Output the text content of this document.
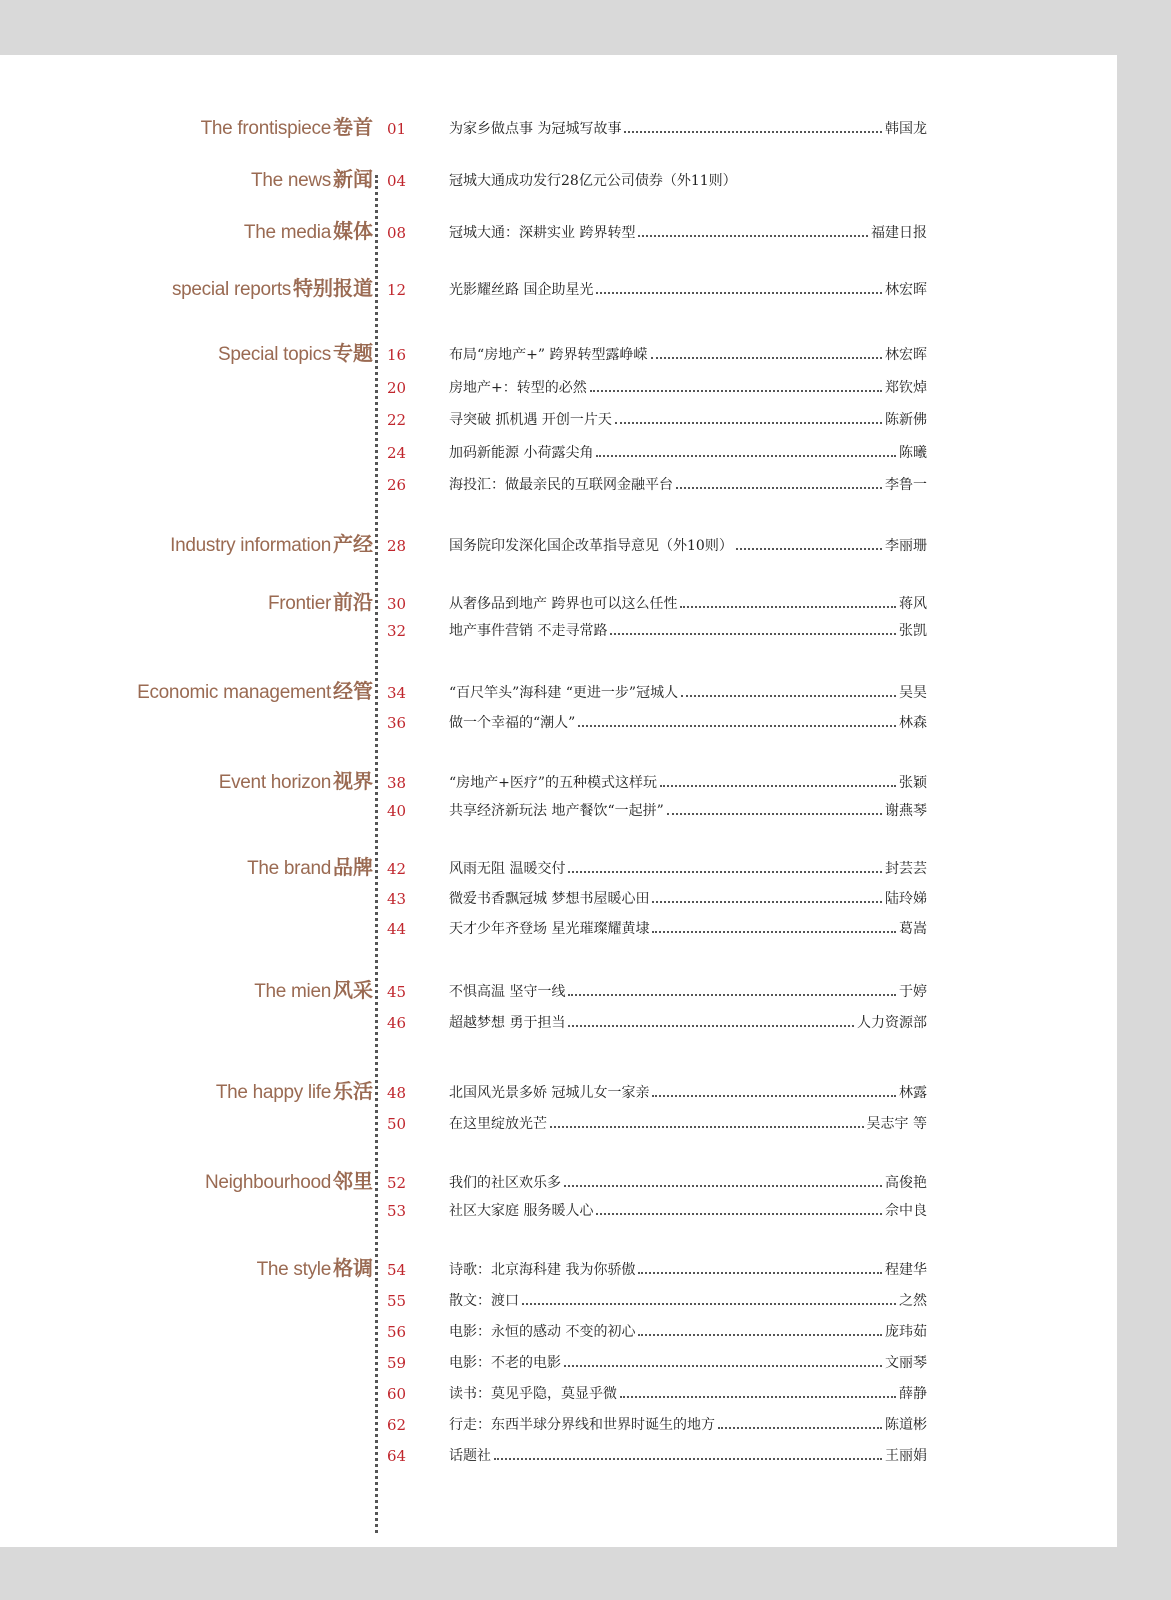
The frontispiece 卷首 01	为家乡做点事 为冠城写故事	韩国龙
The news 新闻 04	冠城大通成功发行28亿元公司债券（外11则）
The media 媒体 08	冠城大通：深耕实业 跨界转型	福建日报
special reports 特别报道 12	光影耀丝路 国企助星光	林宏晖
Special topics 专题 16	布局“房地产+” 跨界转型露峥嵘	林宏晖
20	房地产+：转型的必然	郑钦焯
22	寻突破 抓机遇 开创一片天	陈新佛
24	加码新能源 小荷露尖角	陈曦
26	海投汇：做最亲民的互联网金融平台	李鲁一
Industry information 产经 28	国务院印发深化国企改革指导意见（外10则）	李丽珊
Frontier 前沿 30	从奢侈品到地产 跨界也可以这么任性	蒋风
32	地产事件营销 不走寻常路	张凯
Economic management 经管 34	“百尺竿头”海科建 “更进一步”冠城人	吴昊
36	做一个幸福的“潮人”	林森
Event horizon 视界 38	“房地产+医疗”的五种模式这样玩	张颖
40	共享经济新玩法 地产餐饮“一起拼”	谢燕琴
The brand 品牌 42	风雨无阻 温暖交付	封芸芸
43	微爱书香飘冠城 梦想书屋暖心田	陆玲娣
44	天才少年齐登场 星光璀璨耀黄埭	葛嵩
The mien 风采 45	不惧高温 坚守一线	于婷
46	超越梦想 勇于担当	人力资源部
The happy life 乐活 48	北国风光景多娇 冠城儿女一家亲	林露
50	在这里绽放光芒	吴志宇 等
Neighbourhood 邻里 52	我们的社区欢乐多	高俊艳
53	社区大家庭 服务暖人心	佘中良
The style 格调 54	诗歌：北京海科建 我为你骄傲	程建华
55	散文：渡口	之然
56	电影：永恒的感动 不变的初心	庞玮茹
59	电影：不老的电影	文丽琴
60	读书：莫见乎隐，莫显乎微	薛静
62	行走：东西半球分界线和世界时诞生的地方	陈道彬
64	话题社	王丽娟
